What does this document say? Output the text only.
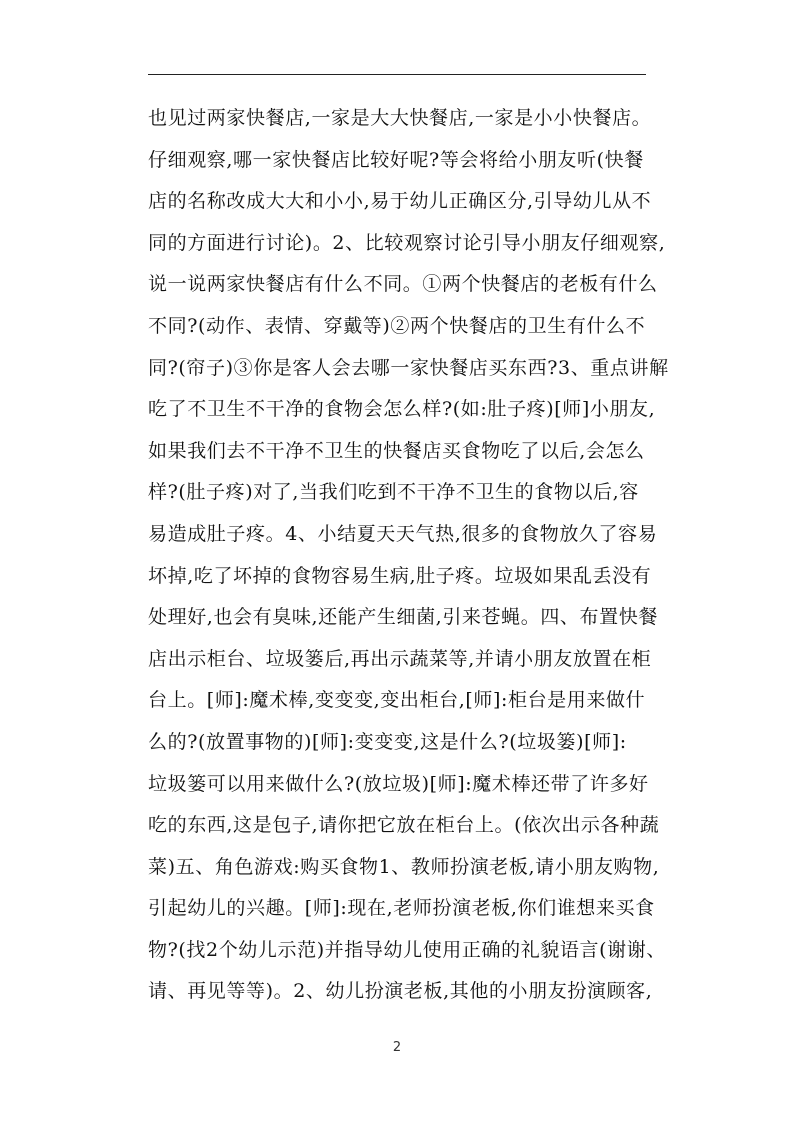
也见过两家快餐店,一家是大大快餐店,一家是小小快餐店。
仔细观察,哪一家快餐店比较好呢?等会将给小朋友听(快餐
店的名称改成大大和小小,易于幼儿正确区分,引导幼儿从不
同的方面进行讨论)。2、比较观察讨论引导小朋友仔细观察,
说一说两家快餐店有什么不同。①两个快餐店的老板有什么
不同?(动作、表情、穿戴等)②两个快餐店的卫生有什么不
同?(帘子)③你是客人会去哪一家快餐店买东西?3、重点讲解
吃了不卫生不干净的食物会怎么样?(如:肚子疼)[师]小朋友,
如果我们去不干净不卫生的快餐店买食物吃了以后,会怎么
样?(肚子疼)对了,当我们吃到不干净不卫生的食物以后,容
易造成肚子疼。4、小结夏天天气热,很多的食物放久了容易
坏掉,吃了坏掉的食物容易生病,肚子疼。垃圾如果乱丢没有
处理好,也会有臭味,还能产生细菌,引来苍蝇。四、布置快餐
店出示柜台、垃圾篓后,再出示蔬菜等,并请小朋友放置在柜
台上。[师]:魔术棒,变变变,变出柜台,[师]:柜台是用来做什
么的?(放置事物的)[师]:变变变,这是什么?(垃圾篓)[师]:
垃圾篓可以用来做什么?(放垃圾)[师]:魔术棒还带了许多好
吃的东西,这是包子,请你把它放在柜台上。(依次出示各种蔬
菜)五、角色游戏:购买食物1、教师扮演老板,请小朋友购物,
引起幼儿的兴趣。[师]:现在,老师扮演老板,你们谁想来买食
物?(找2个幼儿示范)并指导幼儿使用正确的礼貌语言(谢谢、
请、再见等等)。2、幼儿扮演老板,其他的小朋友扮演顾客,
2
